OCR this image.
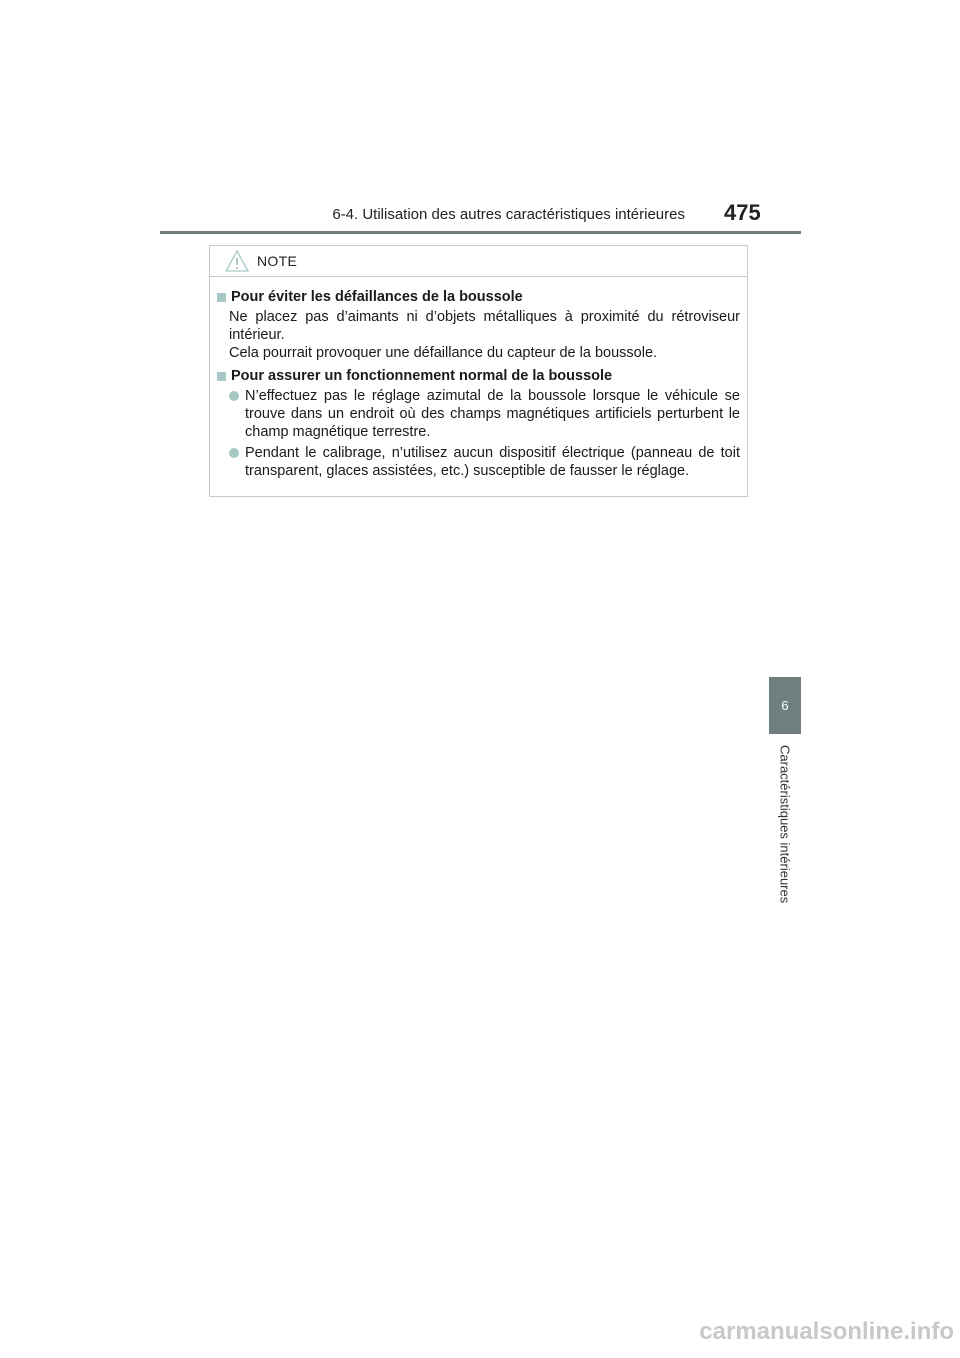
6-4. Utilisation des autres caractéristiques intérieures 475
6
Caractéristiques intérieures
NOTE
Pour éviter les défaillances de la boussole
Ne placez pas d’aimants ni d’objets métalliques à proximité du rétroviseur intérieur.
Cela pourrait provoquer une défaillance du capteur de la boussole.
Pour assurer un fonctionnement normal de la boussole
N’effectuez pas le réglage azimutal de la boussole lorsque le véhicule se trouve dans un endroit où des champs magnétiques artificiels perturbent le champ magnétique terrestre.
Pendant le calibrage, n’utilisez aucun dispositif électrique (panneau de toit transparent, glaces assistées, etc.) susceptible de fausser le réglage.
carmanualsonline.info
